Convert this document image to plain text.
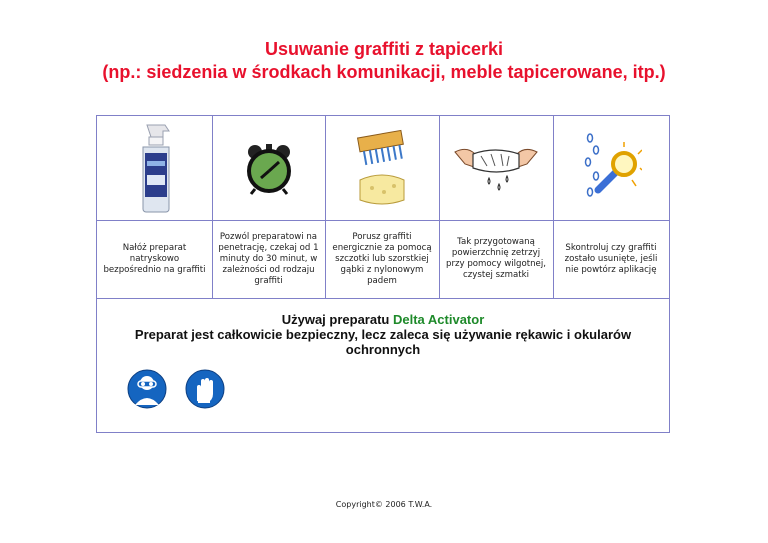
Usuwanie graffiti z tapicerki
(np.: siedzenia w środkach komunikacji, meble tapicerowane, itp.)
Nałóż preparat natryskowo bezpośrednio na graffiti
Pozwól preparatowi na penetrację, czekaj od 1 minuty do 30 minut, w zależności od rodzaju graffiti
Porusz graffiti energicznie za pomocą szczotki lub szorstkiej gąbki z nylonowym padem
Tak przygotowaną powierzchnię zetrzyj przy pomocy wilgotnej, czystej szmatki
Skontroluj czy graffiti zostało usunięte, jeśli nie powtórz aplikację
Używaj preparatu Delta Activator
Preparat jest całkowicie bezpieczny, lecz zaleca się używanie rękawic i okularów
ochronnych
Copyright© 2006 T.W.A.
